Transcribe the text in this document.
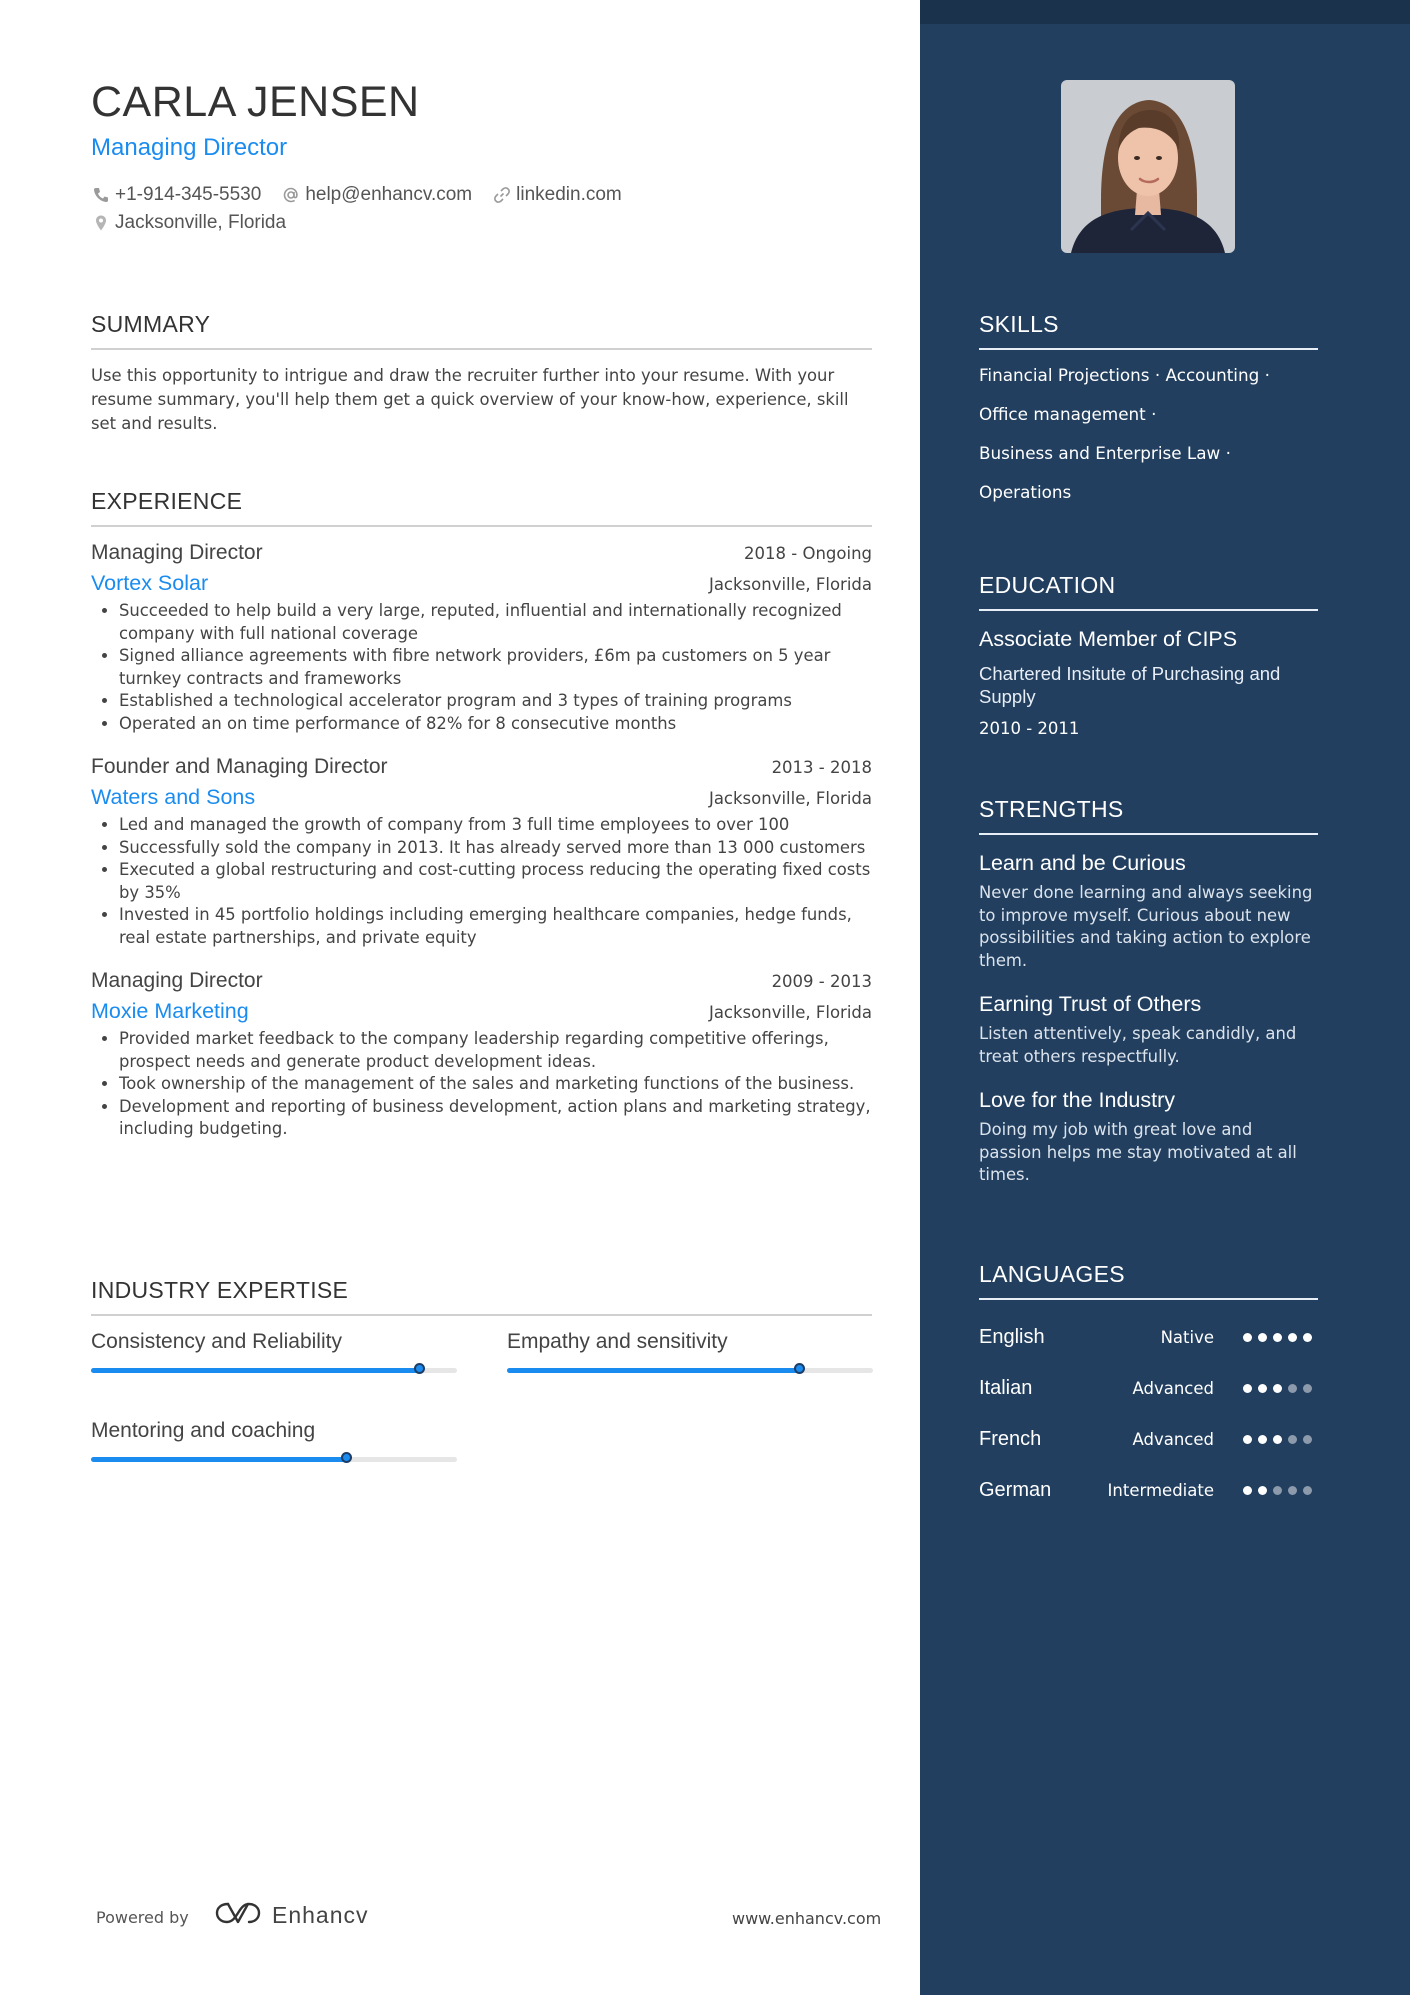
CARLA JENSEN
Managing Director
+1-914-345-5530 help@enhancv.com linkedin.com
Jacksonville, Florida
SUMMARY
Use this opportunity to intrigue and draw the recruiter further into your resume. With your resume summary, you'll help them get a quick overview of your know-how, experience, skill set and results.
EXPERIENCE
Managing Director	2018 - Ongoing
Vortex Solar	Jacksonville, Florida
• Succeeded to help build a very large, reputed, influential and internationally recognized company with full national coverage
• Signed alliance agreements with fibre network providers, £6m pa customers on 5 year turnkey contracts and frameworks
• Established a technological accelerator program and 3 types of training programs
• Operated an on time performance of 82% for 8 consecutive months
Founder and Managing Director	2013 - 2018
Waters and Sons	Jacksonville, Florida
• Led and managed the growth of company from 3 full time employees to over 100
• Successfully sold the company in 2013. It has already served more than 13 000 customers
• Executed a global restructuring and cost-cutting process reducing the operating fixed costs by 35%
• Invested in 45 portfolio holdings including emerging healthcare companies, hedge funds, real estate partnerships, and private equity
Managing Director	2009 - 2013
Moxie Marketing	Jacksonville, Florida
• Provided market feedback to the company leadership regarding competitive offerings, prospect needs and generate product development ideas.
• Took ownership of the management of the sales and marketing functions of the business.
• Development and reporting of business development, action plans and marketing strategy, including budgeting.
INDUSTRY EXPERTISE
Consistency and Reliability	Empathy and sensitivity
Mentoring and coaching
Powered by	Enhancv	www.enhancv.com
SKILLS
Financial Projections · Accounting ·
Office management ·
Business and Enterprise Law ·
Operations
EDUCATION
Associate Member of CIPS
Chartered Insitute of Purchasing and Supply
2010 - 2011
STRENGTHS
Learn and be Curious
Never done learning and always seeking to improve myself. Curious about new possibilities and taking action to explore them.
Earning Trust of Others
Listen attentively, speak candidly, and treat others respectfully.
Love for the Industry
Doing my job with great love and passion helps me stay motivated at all times.
LANGUAGES
English	Native
Italian	Advanced
French	Advanced
German	Intermediate
